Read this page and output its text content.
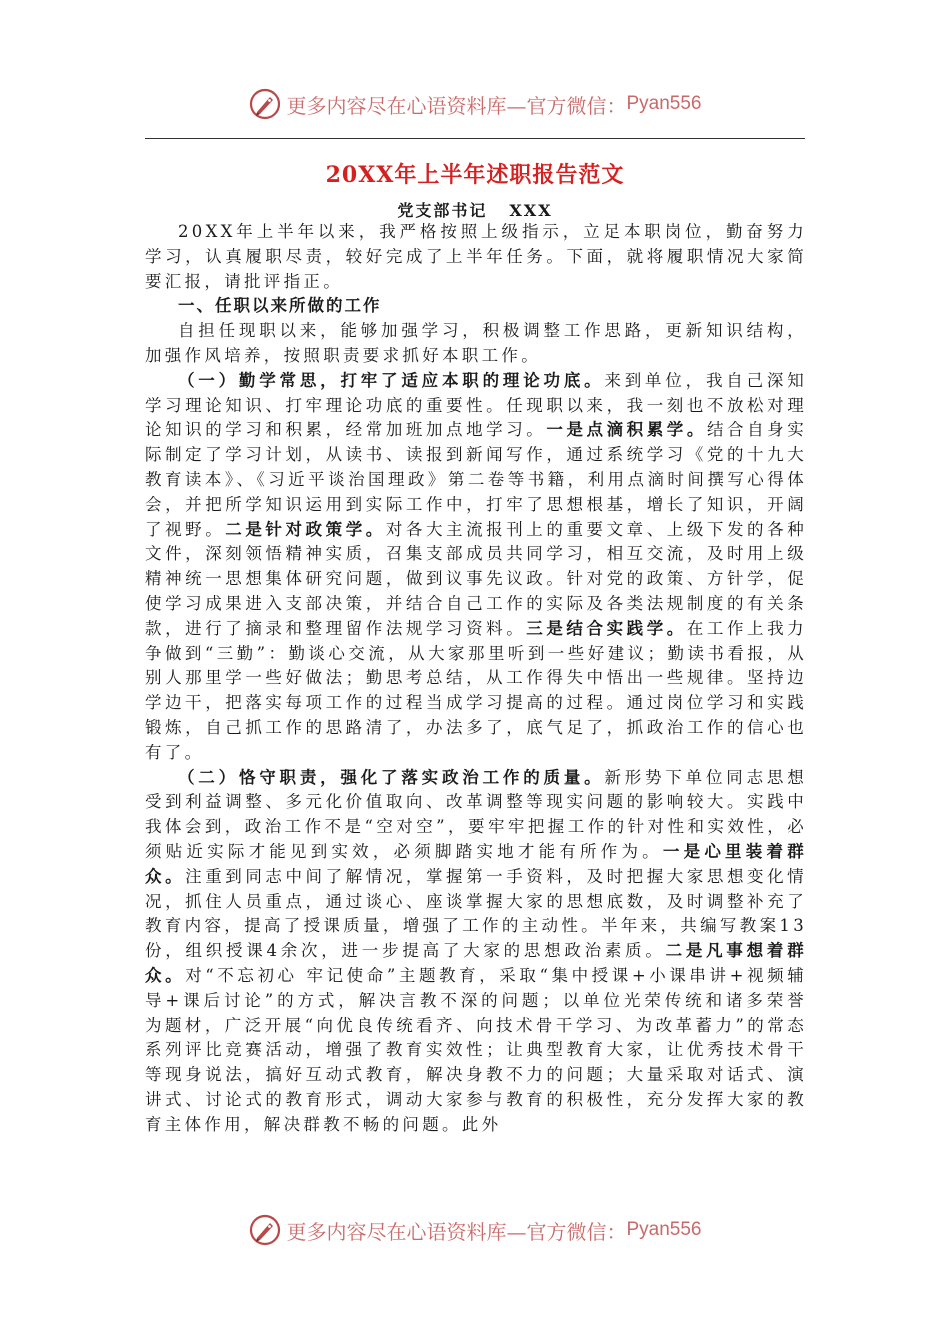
更多内容尽在心语资料库—官方微信： Pyan556
20XX年上半年述职报告范文
党支部书记 XXX

20XX年上半年以来，我严格按照上级指示，立足本职岗位，勤奋努力学习，认真履职尽责，较好完成了上半年任务。下面，就将履职情况大家简要汇报，请批评指正。

一、任职以来所做的工作

自担任现职以来，能够加强学习，积极调整工作思路，更新知识结构，加强作风培养，按照职责要求抓好本职工作。

（一）勤学常思，打牢了适应本职的理论功底。来到单位，我自己深知学习理论知识、打牢理论功底的重要性。任现职以来，我一刻也不放松对理论知识的学习和积累，经常加班加点地学习。一是点滴积累学。结合自身实际制定了学习计划，从读书、读报到新闻写作，通过系统学习《党的十九大教育读本》、《习近平谈治国理政》第二卷等书籍，利用点滴时间撰写心得体会，并把所学知识运用到实际工作中，打牢了思想根基，增长了知识，开阔了视野。二是针对政策学。对各大主流报刊上的重要文章、上级下发的各种文件，深刻领悟精神实质，召集支部成员共同学习，相互交流，及时用上级精神统一思想集体研究问题，做到议事先议政。针对党的政策、方针学，促使学习成果进入支部决策，并结合自己工作的实际及各类法规制度的有关条款，进行了摘录和整理留作法规学习资料。三是结合实践学。在工作上我力争做到“三勤”：勤谈心交流，从大家那里听到一些好建议；勤读书看报，从别人那里学一些好做法；勤思考总结，从工作得失中悟出一些规律。坚持边学边干，把落实每项工作的过程当成学习提高的过程。通过岗位学习和实践锻炼，自己抓工作的思路清了，办法多了，底气足了，抓政治工作的信心也有了。

（二）恪守职责，强化了落实政治工作的质量。新形势下单位同志思想受到利益调整、多元化价值取向、改革调整等现实问题的影响较大。实践中我体会到，政治工作不是“空对空”，要牢牢把握工作的针对性和实效性，必须贴近实际才能见到实效，必须脚踏实地才能有所作为。一是心里装着群众。注重到同志中间了解情况，掌握第一手资料，及时把握大家思想变化情况，抓住人员重点，通过谈心、座谈掌握大家的思想底数，及时调整补充了教育内容，提高了授课质量，增强了工作的主动性。半年来，共编写教案13份，组织授课4余次，进一步提高了大家的思想政治素质。二是凡事想着群众。对“不忘初心 牢记使命”主题教育，采取“集中授课+小课串讲+视频辅导+课后讨论”的方式，解决言教不深的问题；以单位光荣传统和诸多荣誉为题材，广泛开展“向优良传统看齐、向技术骨干学习、为改革蓄力”的常态系列评比竞赛活动，增强了教育实效性；让典型教育大家，让优秀技术骨干等现身说法，搞好互动式教育，解决身教不力的问题；大量采取对话式、演讲式、讨论式的教育形式，调动大家参与教育的积极性，充分发挥大家的教育主体作用，解决群教不畅的问题。此外

更多内容尽在心语资料库—官方微信： Pyan556
